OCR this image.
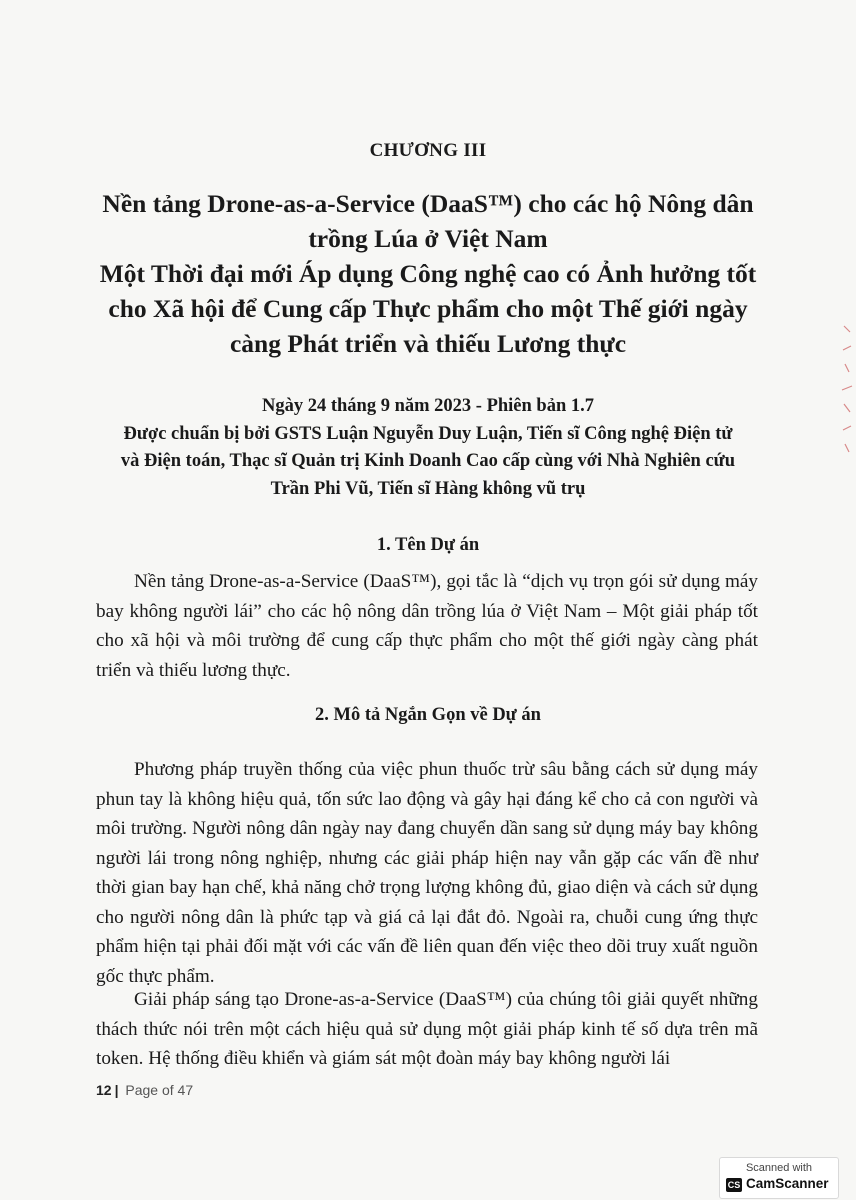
CHƯƠNG III
Nền tảng Drone-as-a-Service (DaaS™) cho các hộ Nông dân
trồng Lúa ở Việt Nam
Một Thời đại mới Áp dụng Công nghệ cao có Ảnh hưởng tốt
cho Xã hội để Cung cấp Thực phẩm cho một Thế giới ngày
càng Phát triển và thiếu Lương thực
Ngày 24 tháng 9 năm 2023 - Phiên bản 1.7
Được chuẩn bị bởi GSTS Luận Nguyễn Duy Luận, Tiến sĩ Công nghệ Điện tử
và Điện toán, Thạc sĩ Quản trị Kinh Doanh Cao cấp cùng với Nhà Nghiên cứu
Trần Phi Vũ, Tiến sĩ Hàng không vũ trụ
1. Tên Dự án

Nền tảng Drone-as-a-Service (DaaS™), gọi tắc là “dịch vụ trọn gói sử dụng máy bay không người lái” cho các hộ nông dân trồng lúa ở Việt Nam – Một giải pháp tốt cho xã hội và môi trường để cung cấp thực phẩm cho một thế giới ngày càng phát triển và thiếu lương thực.

2. Mô tả Ngắn Gọn về Dự án

Phương pháp truyền thống của việc phun thuốc trừ sâu bằng cách sử dụng máy phun tay là không hiệu quả, tốn sức lao động và gây hại đáng kể cho cả con người và môi trường. Người nông dân ngày nay đang chuyển dần sang sử dụng máy bay không người lái trong nông nghiệp, nhưng các giải pháp hiện nay vẫn gặp các vấn đề như thời gian bay hạn chế, khả năng chở trọng lượng không đủ, giao diện và cách sử dụng cho người nông dân là phức tạp và giá cả lại đắt đỏ. Ngoài ra, chuỗi cung ứng thực phẩm hiện tại phải đối mặt với các vấn đề liên quan đến việc theo dõi truy xuất nguồn gốc thực phẩm.

Giải pháp sáng tạo Drone-as-a-Service (DaaS™) của chúng tôi giải quyết những thách thức nói trên một cách hiệu quả sử dụng một giải pháp kinh tế số dựa trên mã token. Hệ thống điều khiển và giám sát một đoàn máy bay không người lái

12 | Page of 47
Scanned with
CS CamScanner
